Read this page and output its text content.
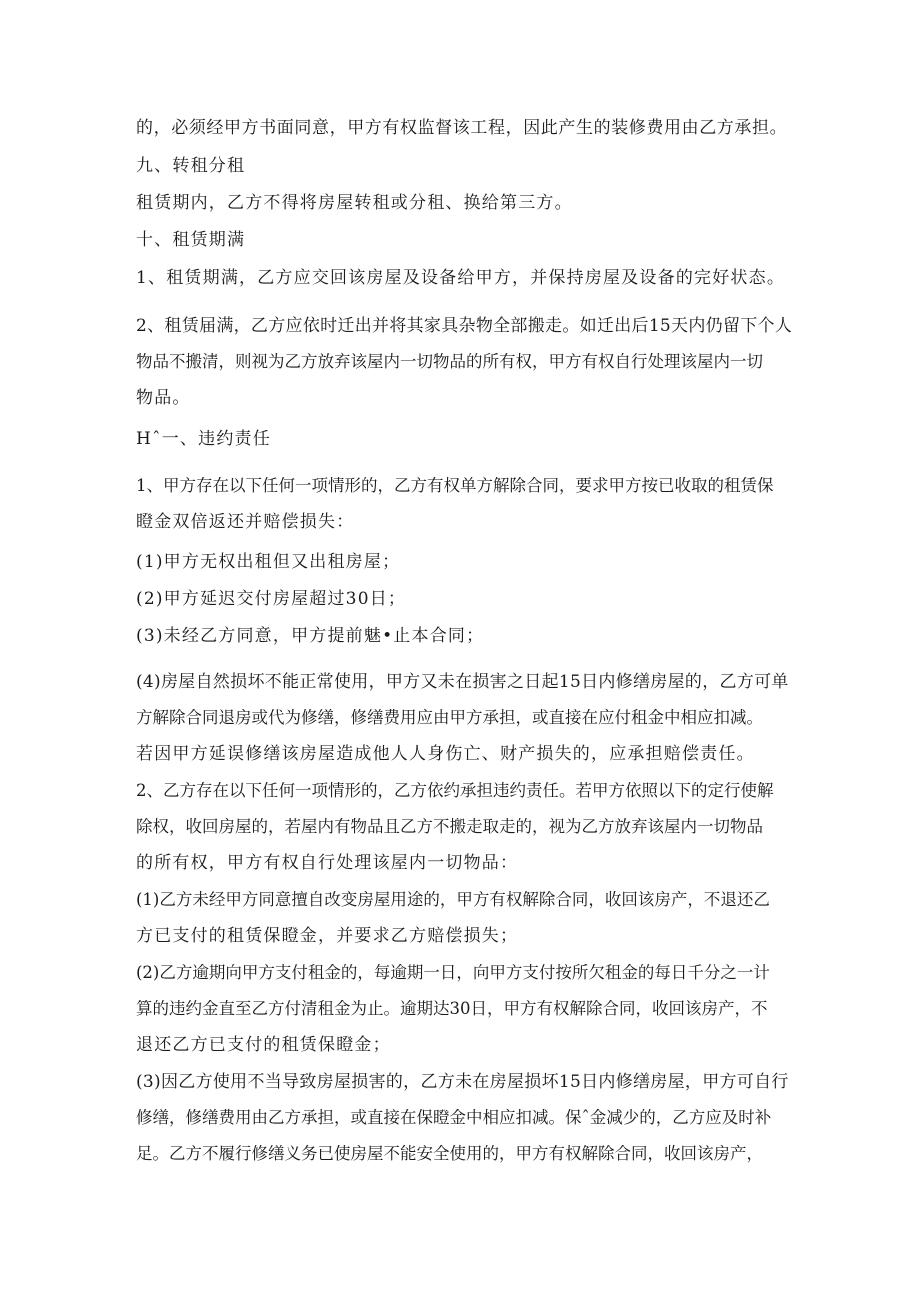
的，必须经甲方书面同意，甲方有权监督该工程，因此产生的装修费用由乙方承担。
九、转租分租
租赁期内，乙方不得将房屋转租或分租、换给第三方。
十、租赁期满
1、租赁期满，乙方应交回该房屋及设备给甲方，并保持房屋及设备的完好状态。
2、租赁届满，乙方应依时迁出并将其家具杂物全部搬走。如迁出后15天内仍留下个人
物品不搬清，则视为乙方放弃该屋内一切物品的所有权，甲方有权自行处理该屋内一切
物品。
Hˆ一、违约责任
1、甲方存在以下任何一项情形的，乙方有权单方解除合同，要求甲方按已收取的租赁保
瞪金双倍返还并赔偿损失：
(1)甲方无权出租但又出租房屋；
(2)甲方延迟交付房屋超过30日；
(3)未经乙方同意，甲方提前魅•止本合同；
(4)房屋自然损坏不能正常使用，甲方又未在损害之日起15日内修缮房屋的，乙方可单
方解除合同退房或代为修缮，修缮费用应由甲方承担，或直接在应付租金中相应扣减。
若因甲方延误修缮该房屋造成他人人身伤亡、财产损失的，应承担赔偿责任。
2、乙方存在以下任何一项情形的，乙方依约承担违约责任。若甲方依照以下的定行使解
除权，收回房屋的，若屋内有物品且乙方不搬走取走的，视为乙方放弃该屋内一切物品
的所有权，甲方有权自行处理该屋内一切物品：
(1)乙方未经甲方同意擅自改变房屋用途的，甲方有权解除合同，收回该房产，不退还乙
方已支付的租赁保瞪金，并要求乙方赔偿损失；
(2)乙方逾期向甲方支付租金的，每逾期一日，向甲方支付按所欠租金的每日千分之一计
算的违约金直至乙方付清租金为止。逾期达30日，甲方有权解除合同，收回该房产，不
退还乙方已支付的租赁保瞪金；
(3)因乙方使用不当导致房屋损害的，乙方未在房屋损坏15日内修缮房屋，甲方可自行
修缮，修缮费用由乙方承担，或直接在保瞪金中相应扣减。保ˆ金减少的，乙方应及时补
足。乙方不履行修缮义务已使房屋不能安全使用的，甲方有权解除合同，收回该房产，
